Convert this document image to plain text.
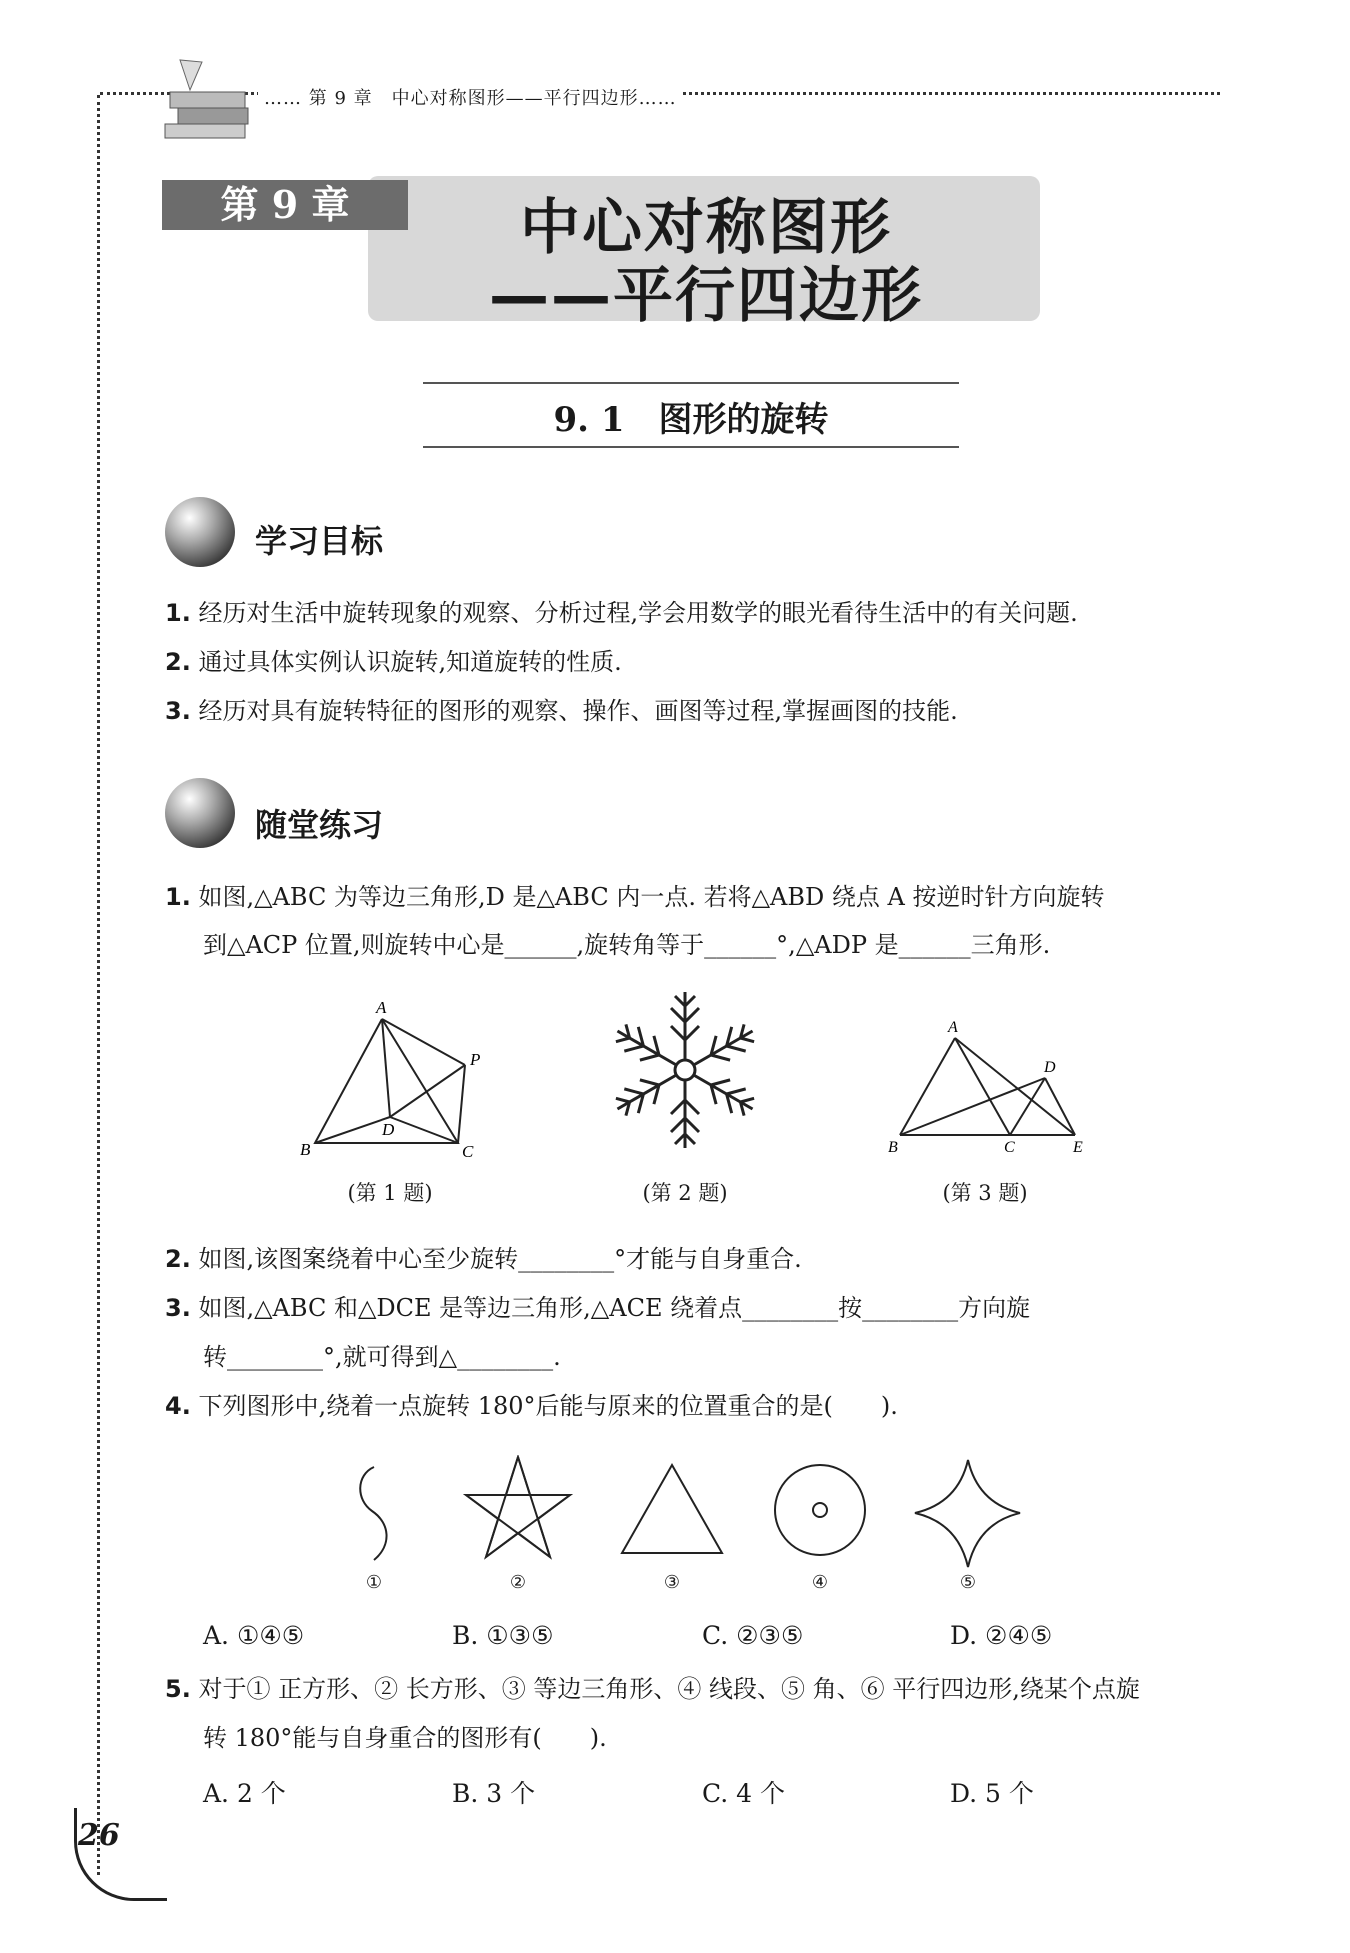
…… 第 9 章　中心对称图形——平行四边形……
第 9 章	中心对称图形
——平行四边形
9. 1　图形的旋转
学习目标
1. 经历对生活中旋转现象的观察、分析过程,学会用数学的眼光看待生活中的有关问题.
2. 通过具体实例认识旋转,知道旋转的性质.
3. 经历对具有旋转特征的图形的观察、操作、画图等过程,掌握画图的技能.
随堂练习
1. 如图,△ABC 为等边三角形,D 是△ABC 内一点. 若将△ABD 绕点 A 按逆时针方向旋转
到△ACP 位置,则旋转中心是______,旋转角等于______°,△ADP 是______三角形.
A
B	C
D
P
(第 1 题)	(第 2 题)
A
B	C
D
E
(第 3 题)
2. 如图,该图案绕着中心至少旋转________°才能与自身重合.
3. 如图,△ABC 和△DCE 是等边三角形,△ACE 绕着点________按________方向旋
转________°,就可得到△________.
4. 下列图形中,绕着一点旋转 180°后能与原来的位置重合的是(　　).
①	②	③	④	⑤
A. ①④⑤	B. ①③⑤	C. ②③⑤	D. ②④⑤
5. 对于① 正方形、② 长方形、③ 等边三角形、④ 线段、⑤ 角、⑥ 平行四边形,绕某个点旋
转 180°能与自身重合的图形有(　　).
A. 2 个	B. 3 个	C. 4 个	D. 5 个
26
